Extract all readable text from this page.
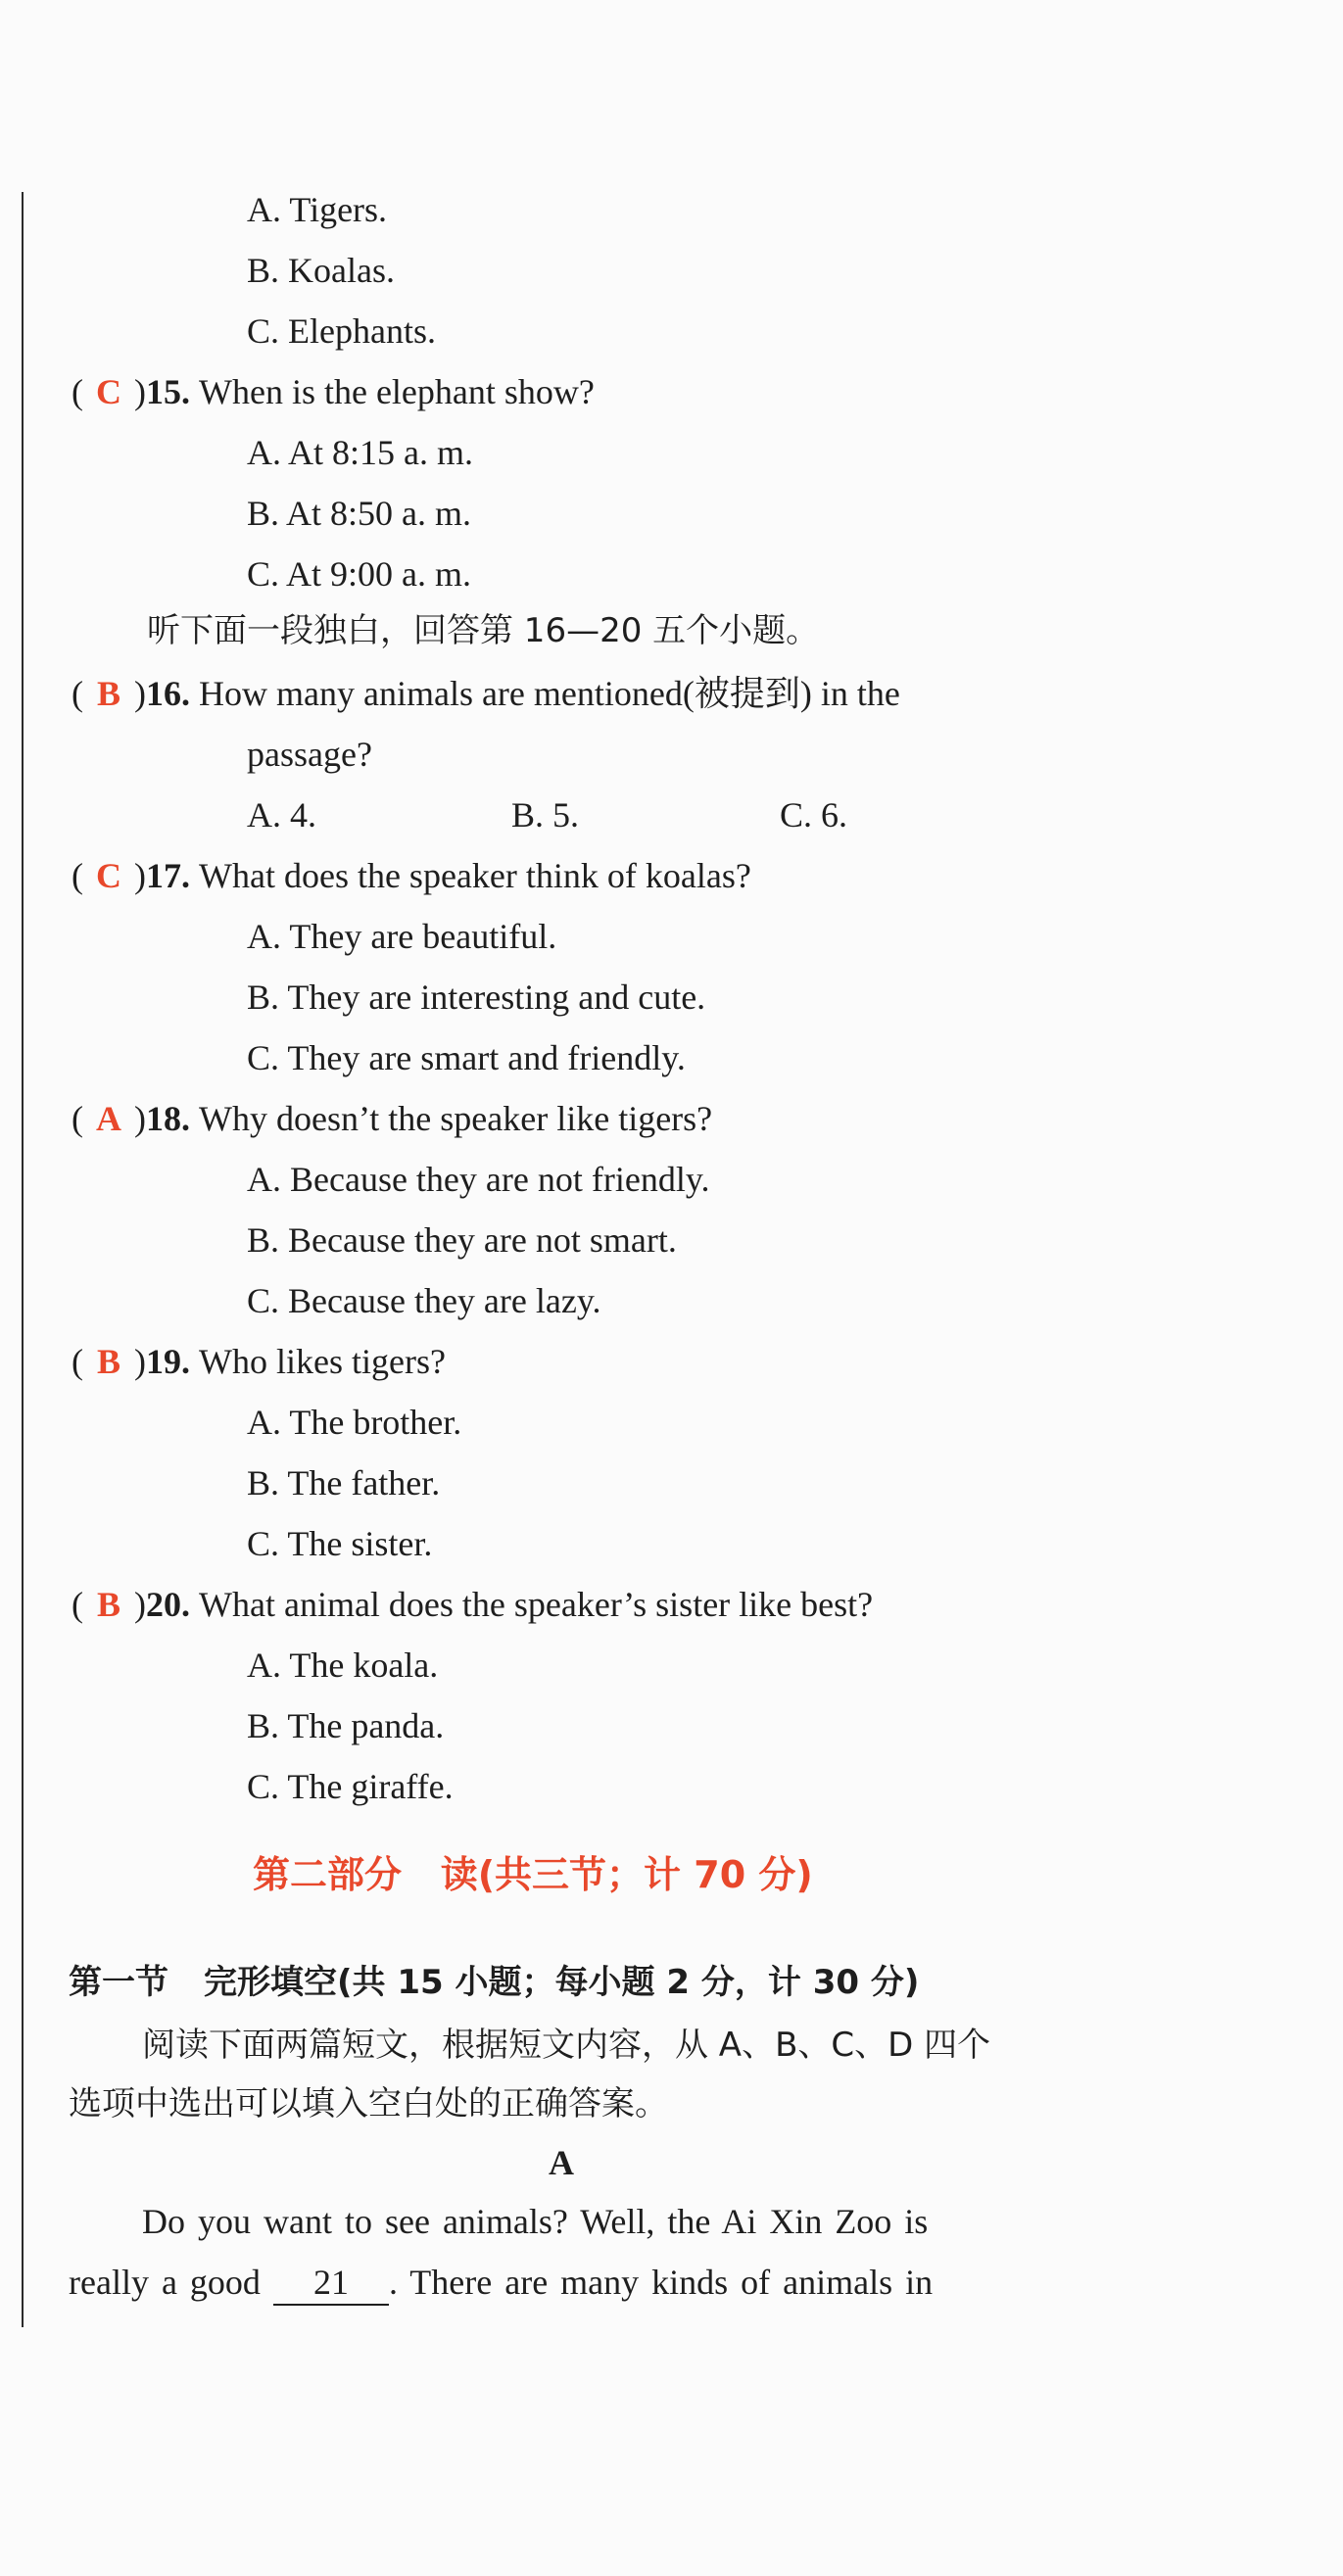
A. Tigers.
B. Koalas.
C. Elephants.
( C )15. When is the elephant show?
A. At 8:15 a. m.
B. At 8:50 a. m.
C. At 9:00 a. m.
听下面一段独白，回答第 16—20 五个小题。
( B )16. How many animals are mentioned(被提到) in the
passage?
A. 4.	B. 5.	C. 6.
( C )17. What does the speaker think of koalas?
A. They are beautiful.
B. They are interesting and cute.
C. They are smart and friendly.
( A )18. Why doesn’t the speaker like tigers?
A. Because they are not friendly.
B. Because they are not smart.
C. Because they are lazy.
( B )19. Who likes tigers?
A. The brother.
B. The father.
C. The sister.
( B )20. What animal does the speaker’s sister like best?
A. The koala.
B. The panda.
C. The giraffe.
第二部分   读(共三节；计 70 分)
第一节 完形填空(共 15 小题；每小题 2 分，计 30 分)
阅读下面两篇短文，根据短文内容，从 A、B、C、D 四个
选项中选出可以填入空白处的正确答案。
A
Do you want to see animals? Well, the Ai Xin Zoo is
really a good 21 . There are many kinds of animals in
